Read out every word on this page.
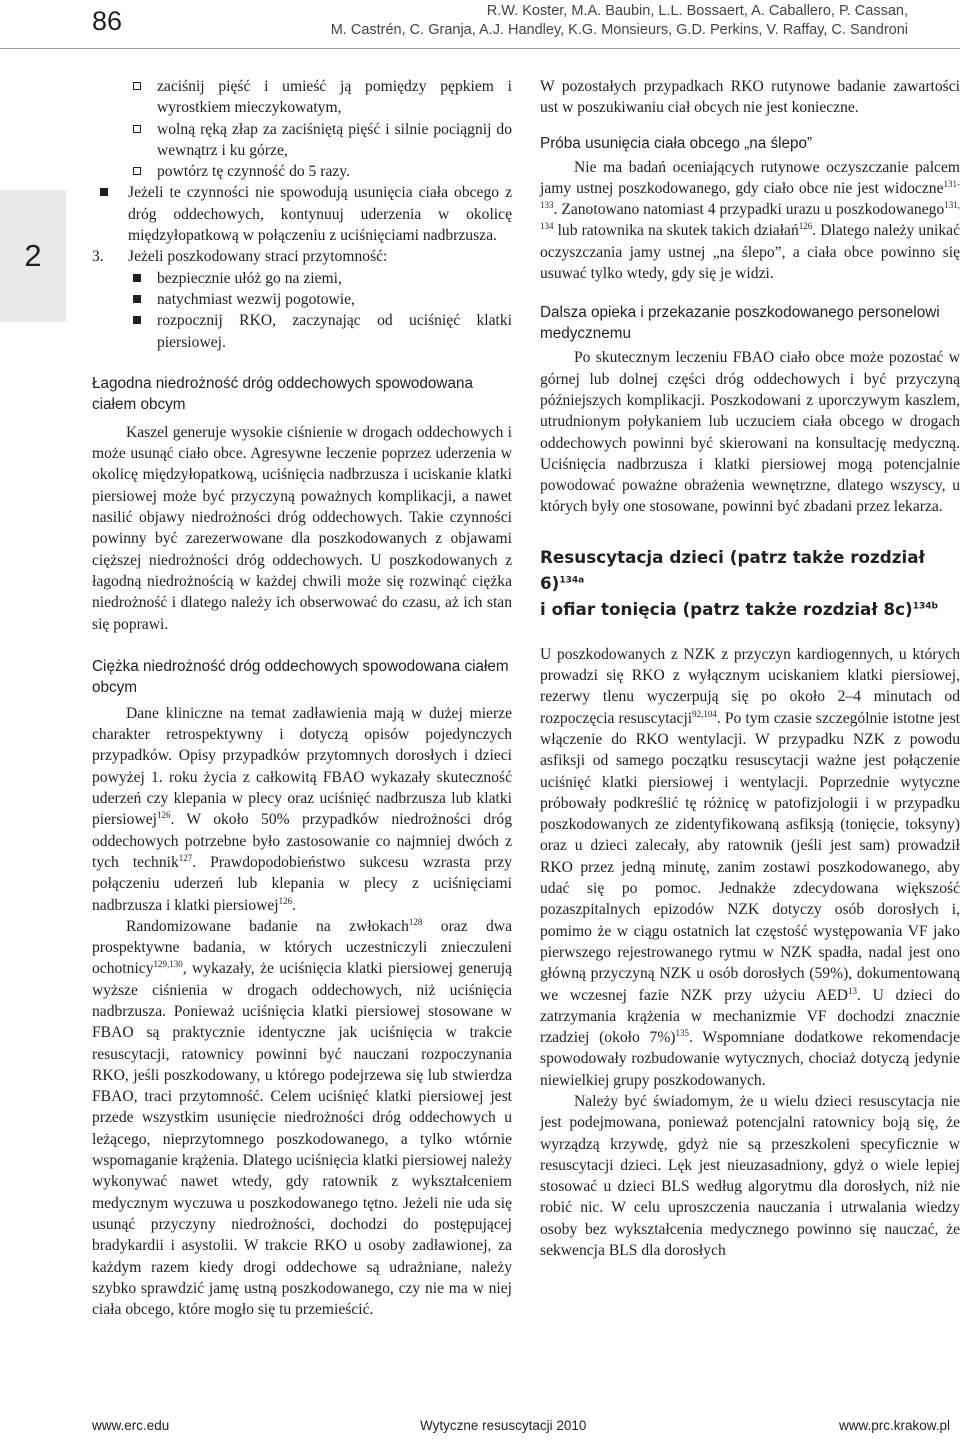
86	R.W. Koster, M.A. Baubin, L.L. Bossaert, A. Caballero, P. Cassan,
M. Castrén, C. Granja, A.J. Handley, K.G. Monsieurs, G.D. Perkins, V. Raffay, C. Sandroni
2
zaciśnij pięść i umieść ją pomiędzy pępkiem i wyrostkiem mieczykowatym,
wolną ręką złap za zaciśniętą pięść i silnie pociągnij do wewnątrz i ku górze,
powtórz tę czynność do 5 razy.
Jeżeli te czynności nie spowodują usunięcia ciała obcego z dróg oddechowych, kontynuuj uderzenia w okolicę międzyłopatkową w połączeniu z uciśnięciami nadbrzusza.
3. Jeżeli poszkodowany straci przytomność:
bezpiecznie ułóż go na ziemi,
natychmiast wezwij pogotowie,
rozpocznij RKO, zaczynając od uciśnięć klatki piersiowej.
Łagodna niedrożność dróg oddechowych spowodowana ciałem obcym

Kaszel generuje wysokie ciśnienie w drogach oddechowych i może usunąć ciało obce. Agresywne leczenie poprzez uderzenia w okolicę międzyłopatkową, uciśnięcia nadbrzusza i uciskanie klatki piersiowej może być przyczyną poważnych komplikacji, a nawet nasilić objawy niedrożności dróg oddechowych. Takie czynności powinny być zarezerwowane dla poszkodowanych z objawami cięższej niedrożności dróg oddechowych. U poszkodowanych z łagodną niedrożnością w każdej chwili może się rozwinąć ciężka niedrożność i dlatego należy ich obserwować do czasu, aż ich stan się poprawi.

Ciężka niedrożność dróg oddechowych spowodowana ciałem obcym

Dane kliniczne na temat zadławienia mają w dużej mierze charakter retrospektywny i dotyczą opisów pojedynczych przypadków. Opisy przypadków przytomnych dorosłych i dzieci powyżej 1. roku życia z całkowitą FBAO wykazały skuteczność uderzeń czy klepania w plecy oraz uciśnięć nadbrzusza lub klatki piersiowej$^{126}$. W około 50% przypadków niedrożności dróg oddechowych potrzebne było zastosowanie co najmniej dwóch z tych technik$^{127}$. Prawdopodobieństwo sukcesu wzrasta przy połączeniu uderzeń lub klepania w plecy z uciśnięciami nadbrzusza i klatki piersiowej$^{126}$.

Randomizowane badanie na zwłokach$^{128}$ oraz dwa prospektywne badania, w których uczestniczyli znieczuleni ochotnicy$^{129,130}$, wykazały, że uciśnięcia klatki piersiowej generują wyższe ciśnienia w drogach oddechowych, niż uciśnięcia nadbrzusza. Ponieważ uciśnięcia klatki piersiowej stosowane w FBAO są praktycznie identyczne jak uciśnięcia w trakcie resuscytacji, ratownicy powinni być nauczani rozpoczynania RKO, jeśli poszkodowany, u którego podejrzewa się lub stwierdza FBAO, traci przytomność. Celem uciśnięć klatki piersiowej jest przede wszystkim usunięcie niedrożności dróg oddechowych u leżącego, nieprzytomnego poszkodowanego, a tylko wtórnie wspomaganie krążenia. Dlatego uciśnięcia klatki piersiowej należy wykonywać nawet wtedy, gdy ratownik z wykształceniem medycznym wyczuwa u poszkodowanego tętno. Jeżeli nie uda się usunąć przyczyny niedrożności, dochodzi do postępującej bradykardii i asystolii. W trakcie RKO u osoby zadławionej, za każdym razem kiedy drogi oddechowe są udrażniane, należy szybko sprawdzić jamę ustną poszkodowanego, czy nie ma w niej ciała obcego, które mogło się tu przemieścić.

W pozostałych przypadkach RKO rutynowe badanie zawartości ust w poszukiwaniu ciał obcych nie jest konieczne.

Próba usunięcia ciała obcego „na ślepo”

Nie ma badań oceniających rutynowe oczyszczanie palcem jamy ustnej poszkodowanego, gdy ciało obce nie jest widoczne$^{131-133}$. Zanotowano natomiast 4 przypadki urazu u poszkodowanego$^{131, 134}$ lub ratownika na skutek takich działań$^{126}$. Dlatego należy unikać oczyszczania jamy ustnej „na ślepo”, a ciała obce powinno się usuwać tylko wtedy, gdy się je widzi.

Dalsza opieka i przekazanie poszkodowanego personelowi medycznemu

Po skutecznym leczeniu FBAO ciało obce może pozostać w górnej lub dolnej części dróg oddechowych i być przyczyną późniejszych komplikacji. Poszkodowani z uporczywym kaszlem, utrudnionym połykaniem lub uczuciem ciała obcego w drogach oddechowych powinni być skierowani na konsultację medyczną. Uciśnięcia nadbrzusza i klatki piersiowej mogą potencjalnie powodować poważne obrażenia wewnętrzne, dlatego wszyscy, u których były one stosowane, powinni być zbadani przez lekarza.

Resuscytacja dzieci (patrz także rozdział 6)$^{134a}$
i ofiar tonięcia (patrz także rozdział 8c)$^{134b}$

U poszkodowanych z NZK z przyczyn kardiogennych, u których prowadzi się RKO z wyłącznym uciskaniem klatki piersiowej, rezerwy tlenu wyczerpują się po około 2–4 minutach od rozpoczęcia resuscytacji$^{92,104}$. Po tym czasie szczególnie istotne jest włączenie do RKO wentylacji. W przypadku NZK z powodu asfiksji od samego początku resuscytacji ważne jest połączenie uciśnięć klatki piersiowej i wentylacji. Poprzednie wytyczne próbowały podkreślić tę różnicę w patofizjologii i w przypadku poszkodowanych ze zidentyfikowaną asfiksją (tonięcie, toksyny) oraz u dzieci zalecały, aby ratownik (jeśli jest sam) prowadził RKO przez jedną minutę, zanim zostawi poszkodowanego, aby udać się po pomoc. Jednakże zdecydowana większość pozaszpitalnych epizodów NZK dotyczy osób dorosłych i, pomimo że w ciągu ostatnich lat częstość występowania VF jako pierwszego rejestrowanego rytmu w NZK spadła, nadal jest ono główną przyczyną NZK u osób dorosłych (59%), dokumentowaną we wczesnej fazie NZK przy użyciu AED$^{13}$. U dzieci do zatrzymania krążenia w mechanizmie VF dochodzi znacznie rzadziej (około 7%)$^{135}$. Wspomniane dodatkowe rekomendacje spowodowały rozbudowanie wytycznych, chociaż dotyczą jedynie niewielkiej grupy poszkodowanych.

Należy być świadomym, że u wielu dzieci resuscytacja nie jest podejmowana, ponieważ potencjalni ratownicy boją się, że wyrządzą krzywdę, gdyż nie są przeszkoleni specyficznie w resuscytacji dzieci. Lęk jest nieuzasadniony, gdyż o wiele lepiej stosować u dzieci BLS według algorytmu dla dorosłych, niż nie robić nic. W celu uproszczenia nauczania i utrwalania wiedzy osoby bez wykształcenia medycznego powinno się nauczać, że sekwencja BLS dla dorosłych

www.erc.edu	Wytyczne resuscytacji 2010	www.prc.krakow.pl
